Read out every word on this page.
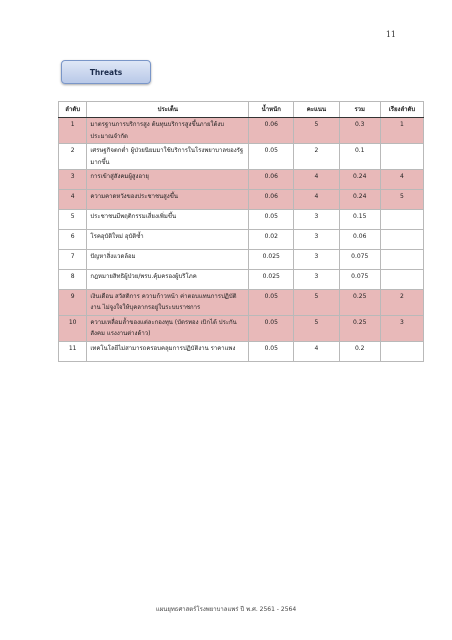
11
Threats
ลำดับ	ประเด็น	น้ำหนัก	คะแนน	รวม	เรียงลำดับ
1	มาตรฐานการบริการสูง ต้นทุนบริการสูงขึ้นภายใต้งบประมาณจำกัด	0.06	5	0.3	1
2	เศรษฐกิจตกต่ำ ผู้ป่วยนิยมมาใช้บริการในโรงพยาบาลของรัฐมากขึ้น	0.05	2	0.1	
3	การเข้าสู่สังคมผู้สูงอายุ	0.06	4	0.24	4
4	ความคาดหวังของประชาชนสูงขึ้น	0.06	4	0.24	5
5	ประชาชนมีพฤติกรรมเสี่ยงเพิ่มขึ้น	0.05	3	0.15	
6	โรคอุบัติใหม่ อุบัติซ้ำ	0.02	3	0.06	
7	ปัญหาสิ่งแวดล้อม	0.025	3	0.075	
8	กฎหมายสิทธิผู้ป่วย/พรบ.คุ้มครองผู้บริโภค	0.025	3	0.075	
9	เงินเดือน สวัสดิการ ความก้าวหน้า ค่าตอบแทนการปฏิบัติงาน ไม่จูงใจให้บุคลากรอยู่ในระบบราชการ	0.05	5	0.25	2
10	ความเหลื่อมล้ำของแต่ละกองทุน (บัตรทอง เบิกได้ ประกันสังคม แรงงานต่างด้าว)	0.05	5	0.25	3
11	เทคโนโลยีไม่สามารถครอบคลุมการปฏิบัติงาน ราคาแพง	0.05	4	0.2	
แผนยุทธศาสตร์โรงพยาบาลแพร่ ปี พ.ศ. 2561 - 2564
